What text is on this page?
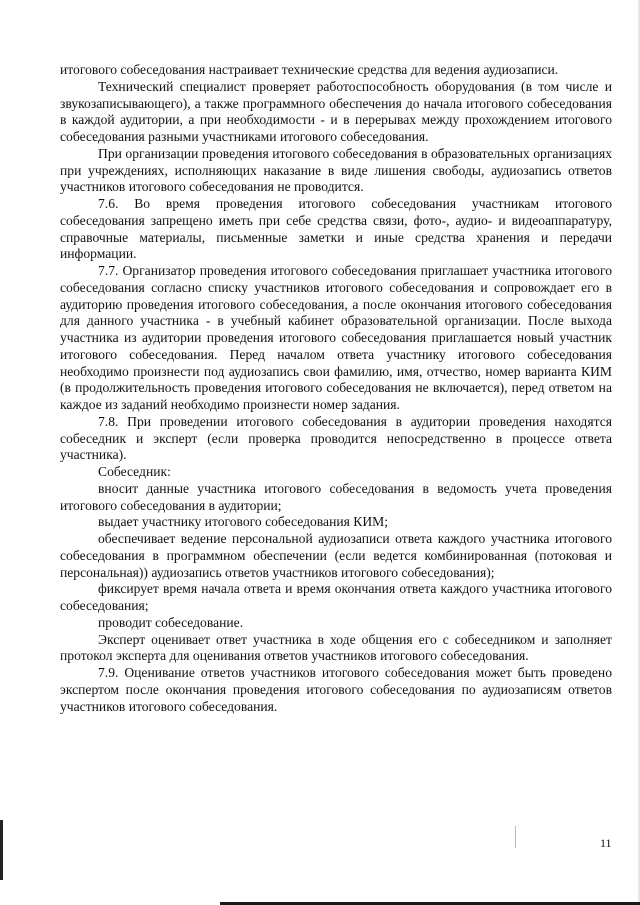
итогового собеседования настраивает технические средства для ведения аудиозаписи.

Технический специалист проверяет работоспособность оборудования (в том числе и звукозаписывающего), а также программного обеспечения до начала итогового собеседования в каждой аудитории, а при необходимости - и в перерывах между прохождением итогового собеседования разными участниками итогового собеседования.

При организации проведения итогового собеседования в образовательных организациях при учреждениях, исполняющих наказание в виде лишения свободы, аудиозапись ответов участников итогового собеседования не проводится.

7.6. Во время проведения итогового собеседования участникам итогового собеседования запрещено иметь при себе средства связи, фото-, аудио- и видеоаппаратуру, справочные материалы, письменные заметки и иные средства хранения и передачи информации.

7.7. Организатор проведения итогового собеседования приглашает участника итогового собеседования согласно списку участников итогового собеседования и сопровождает его в аудиторию проведения итогового собеседования, а после окончания итогового собеседования для данного участника - в учебный кабинет образовательной организации. После выхода участника из аудитории проведения итогового собеседования приглашается новый участник итогового собеседования. Перед началом ответа участнику итогового собеседования необходимо произнести под аудиозапись свои фамилию, имя, отчество, номер варианта КИМ (в продолжительность проведения итогового собеседования не включается), перед ответом на каждое из заданий необходимо произнести номер задания.

7.8. При проведении итогового собеседования в аудитории проведения находятся собеседник и эксперт (если проверка проводится непосредственно в процессе ответа участника).

Собеседник:

вносит данные участника итогового собеседования в ведомость учета проведения итогового собеседования в аудитории;

выдает участнику итогового собеседования КИМ;

обеспечивает ведение персональной аудиозаписи ответа каждого участника итогового собеседования в программном обеспечении (если ведется комбинированная (потоковая и персональная)) аудиозапись ответов участников итогового собеседования);

фиксирует время начала ответа и время окончания ответа каждого участника итогового собеседования;

проводит собеседование.

Эксперт оценивает ответ участника в ходе общения его с собеседником и заполняет протокол эксперта для оценивания ответов участников итогового собеседования.

7.9. Оценивание ответов участников итогового собеседования может быть проведено экспертом после окончания проведения итогового собеседования по аудиозаписям ответов участников итогового собеседования.

11
